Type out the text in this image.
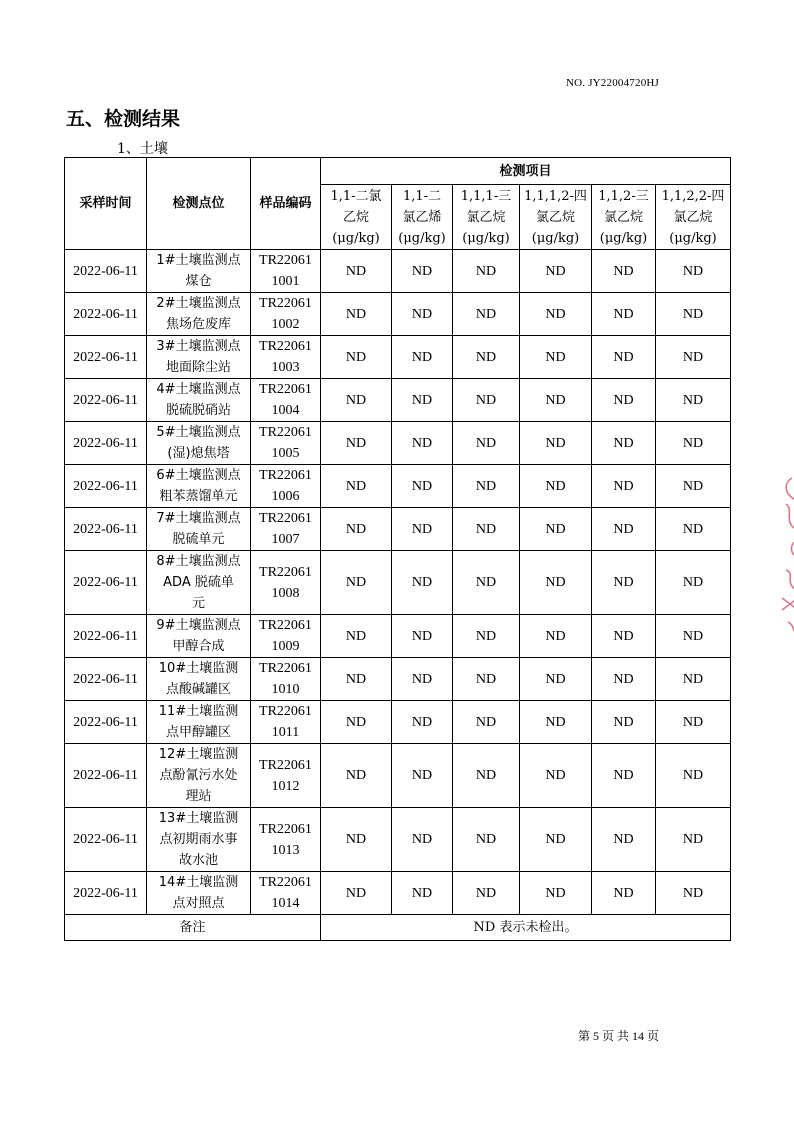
NO. JY22004720HJ
五、检测结果
1、土壤
采样时间	检测点位	样品编码	检测项目					

			1,1-二氯
乙烷
(μg/kg)	1,1-二
氯乙烯
(μg/kg)	1,1,1-三
氯乙烷
(μg/kg)	1,1,1,2-四
氯乙烷
(μg/kg)	1,1,2-三
氯乙烷
(μg/kg)	1,1,2,2-四
氯乙烷
(μg/kg)

2022-06-11	1#土壤监测点
煤仓	TR22061
1001	ND	ND	ND	ND	ND	ND
2022-06-11	2#土壤监测点
焦场危废库	TR22061
1002	ND	ND	ND	ND	ND	ND
2022-06-11	3#土壤监测点
地面除尘站	TR22061
1003	ND	ND	ND	ND	ND	ND
2022-06-11	4#土壤监测点
脱硫脱硝站	TR22061
1004	ND	ND	ND	ND	ND	ND
2022-06-11	5#土壤监测点
(湿)熄焦塔	TR22061
1005	ND	ND	ND	ND	ND	ND
2022-06-11	6#土壤监测点
粗苯蒸馏单元	TR22061
1006	ND	ND	ND	ND	ND	ND
2022-06-11	7#土壤监测点
脱硫单元	TR22061
1007	ND	ND	ND	ND	ND	ND
2022-06-11	8#土壤监测点
ADA 脱硫单
元	TR22061
1008	ND	ND	ND	ND	ND	ND
2022-06-11	9#土壤监测点
甲醇合成	TR22061
1009	ND	ND	ND	ND	ND	ND
2022-06-11	10#土壤监测
点酸碱罐区	TR22061
1010	ND	ND	ND	ND	ND	ND
2022-06-11	11#土壤监测
点甲醇罐区	TR22061
1011	ND	ND	ND	ND	ND	ND
2022-06-11	12#土壤监测
点酚氰污水处
理站	TR22061
1012	ND	ND	ND	ND	ND	ND
2022-06-11	13#土壤监测
点初期雨水事
故水池	TR22061
1013	ND	ND	ND	ND	ND	ND
2022-06-11	14#土壤监测
点对照点	TR22061
1014	ND	ND	ND	ND	ND	ND
备注			ND 表示未检出。					
第 5 页 共 14 页
